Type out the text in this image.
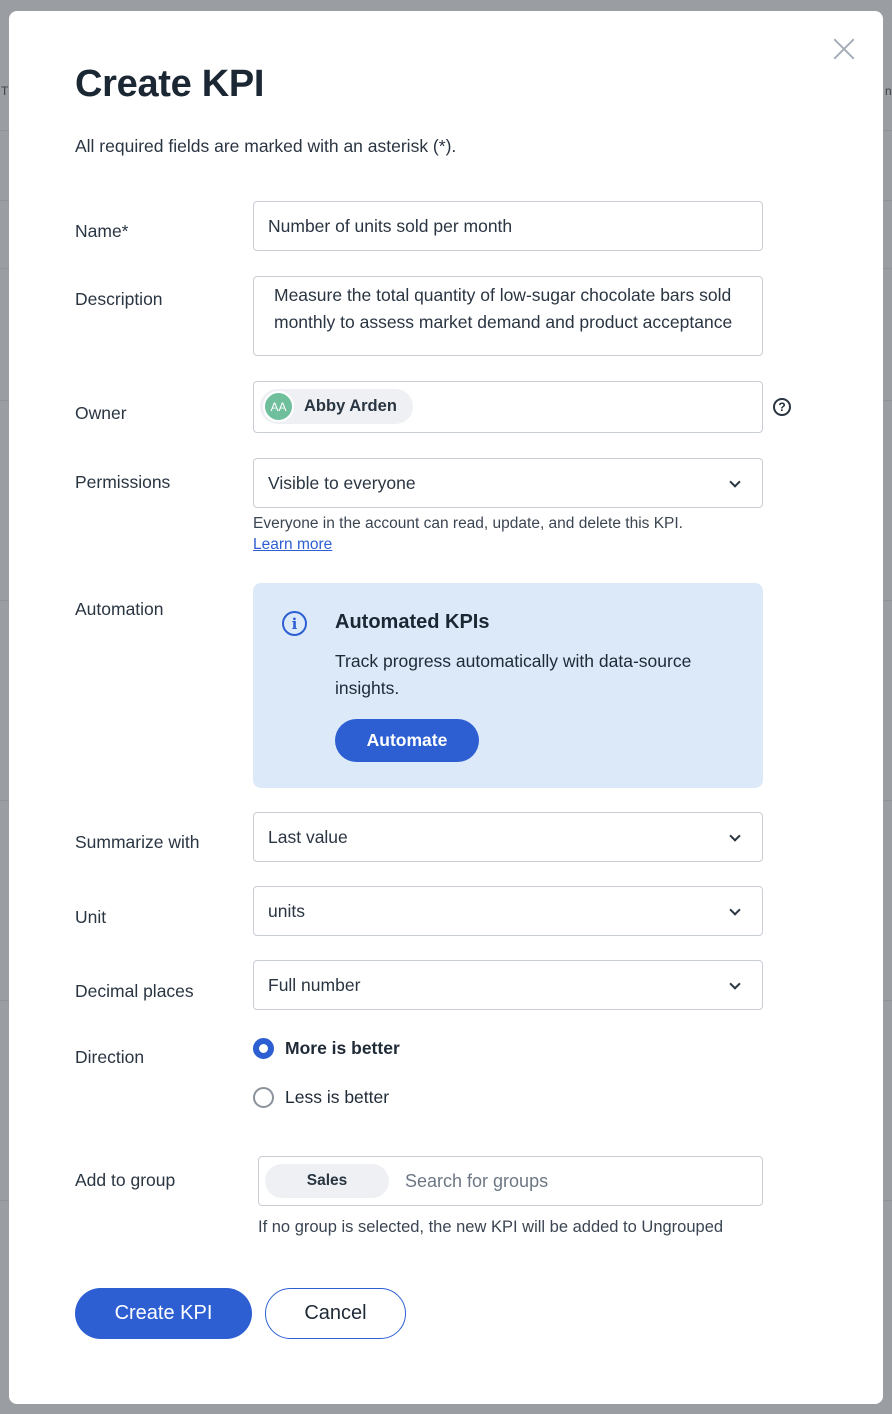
T	n
Create KPI
All required fields are marked with an asterisk (*).
Name*	Number of units sold per month
Description	Measure the total quantity of low-sugar chocolate bars sold monthly to assess market demand and product acceptance
Owner	AA	Abby Arden	?
Permissions	Visible to everyone
Everyone in the account can read, update, and delete this KPI. Learn more
Automation
i	Automated KPIs
Track progress automatically with data-source insights.
Automate
Summarize with	Last value
Unit	units
Decimal places	Full number
Direction	More is better
Less is better
Add to group	Sales	Search for groups
If no group is selected, the new KPI will be added to Ungrouped
Create KPI	Cancel
